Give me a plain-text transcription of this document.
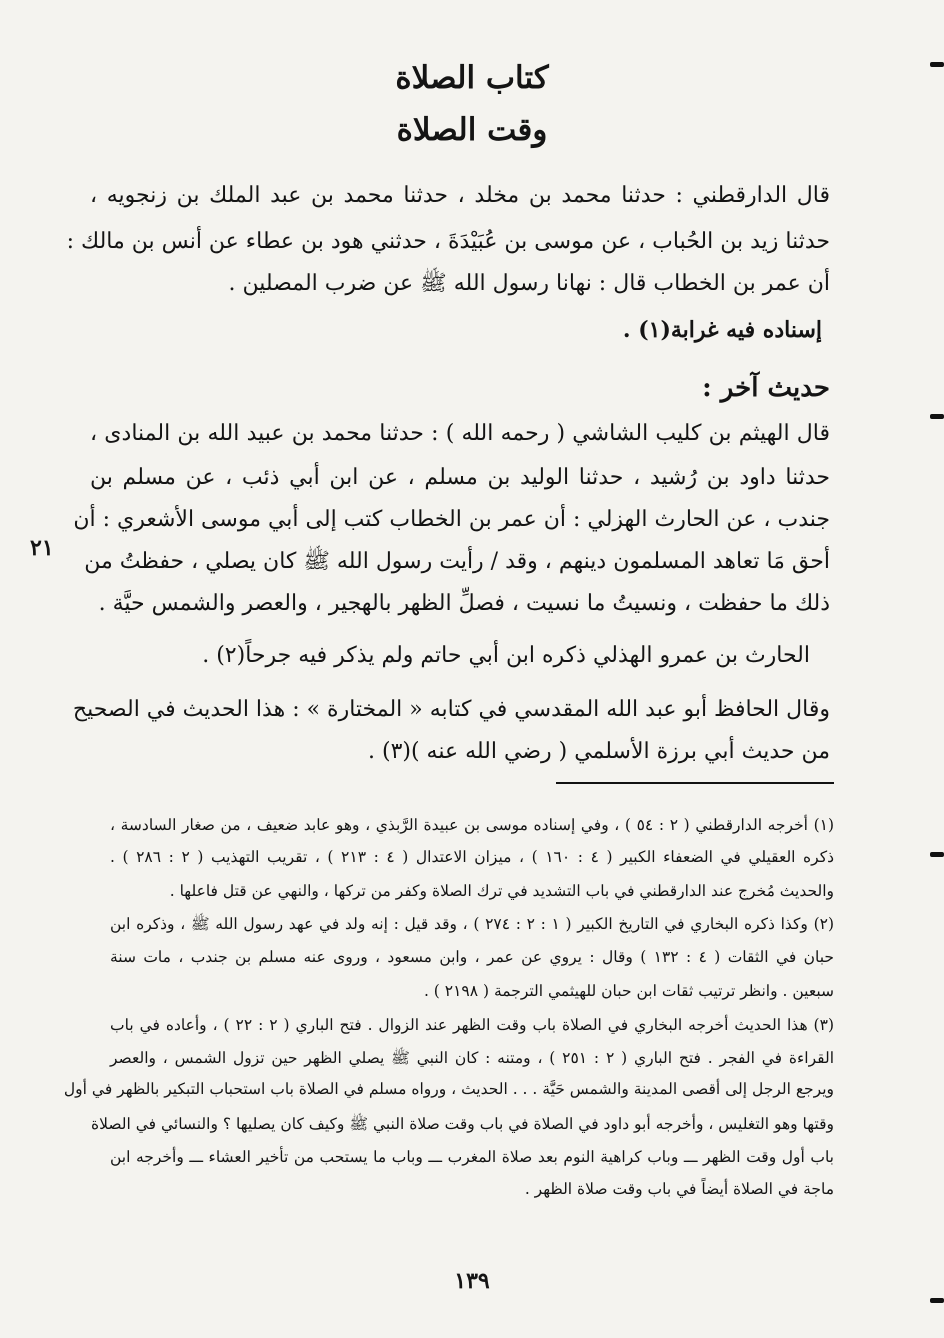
كتاب الصلاة
وقت الصلاة
قال الدارقطني : حدثنا محمد بن مخلد ، حدثنا محمد بن عبد الملك بن زنجويه ،
حدثنا زيد بن الحُباب ، عن موسى بن عُبَيْدَةَ ، حدثني هود بن عطاء عن أنس بن مالك :
أن عمر بن الخطاب قال : نهانا رسول الله ﷺ عن ضرب المصلين .
إسناده فيه غرابة(١) .
حديث آخر :
قال الهيثم بن كليب الشاشي ( رحمه الله ) : حدثنا محمد بن عبيد الله بن المنادى ،
حدثنا داود بن رُشيد ، حدثنا الوليد بن مسلم ، عن ابن أبي ذئب ، عن مسلم بن
جندب ، عن الحارث الهزلي : أن عمر بن الخطاب كتب إلى أبي موسى الأشعري : أن
أحق مَا تعاهد المسلمون دينهم ، وقد / رأيت رسول الله ﷺ كان يصلي ، حفظتُ من
ذلك ما حفظت ، ونسيتُ ما نسيت ، فصلِّ الظهر بالهجير ، والعصر والشمس حيَّة .
الحارث بن عمرو الهذلي ذكره ابن أبي حاتم ولم يذكر فيه جرحاً(٢) .
وقال الحافظ أبو عبد الله المقدسي في كتابه « المختارة » : هذا الحديث في الصحيح
من حديث أبي برزة الأسلمي ( رضي الله عنه )(٣) .
٢١
(١) أخرجه الدارقطني ( ٢ : ٥٤ ) ، وفي إسناده موسى بن عبيدة الرَّبذي ، وهو عابد ضعيف ، من صغار السادسة ،
ذكره العقيلي في الضعفاء الكبير ( ٤ : ١٦٠ ) ، ميزان الاعتدال ( ٤ : ٢١٣ ) ، تقريب التهذيب ( ٢ : ٢٨٦ ) .
والحديث مُخرج عند الدارقطني في باب التشديد في ترك الصلاة وكفر من تركها ، والنهي عن قتل فاعلها .
(٢) وكذا ذكره البخاري في التاريخ الكبير ( ١ : ٢ : ٢٧٤ ) ، وقد قيل : إنه ولد في عهد رسول الله ﷺ ، وذكره ابن
حبان في الثقات ( ٤ : ١٣٢ ) وقال : يروي عن عمر ، وابن مسعود ، وروى عنه مسلم بن جندب ، مات سنة
سبعين . وانظر ترتيب ثقات ابن حبان للهيثمي الترجمة ( ٢١٩٨ ) .
(٣) هذا الحديث أخرجه البخاري في الصلاة باب وقت الظهر عند الزوال . فتح الباري ( ٢ : ٢٢ ) ، وأعاده في باب
القراءة في الفجر . فتح الباري ( ٢ : ٢٥١ ) ، ومتنه : كان النبي ﷺ يصلي الظهر حين تزول الشمس ، والعصر
ويرجع الرجل إلى أقصى المدينة والشمس حَيَّة . . . الحديث ، ورواه مسلم في الصلاة باب استحباب التبكير بالظهر في أول
وقتها وهو التغليس ، وأخرجه أبو داود في الصلاة في باب وقت صلاة النبي ﷺ وكيف كان يصليها ؟ والنسائي في الصلاة
باب أول وقت الظهر ـــ وباب كراهية النوم بعد صلاة المغرب ـــ وباب ما يستحب من تأخير العشاء ـــ وأخرجه ابن
ماجة في الصلاة أيضاً في باب وقت صلاة الظهر .
١٣٩
